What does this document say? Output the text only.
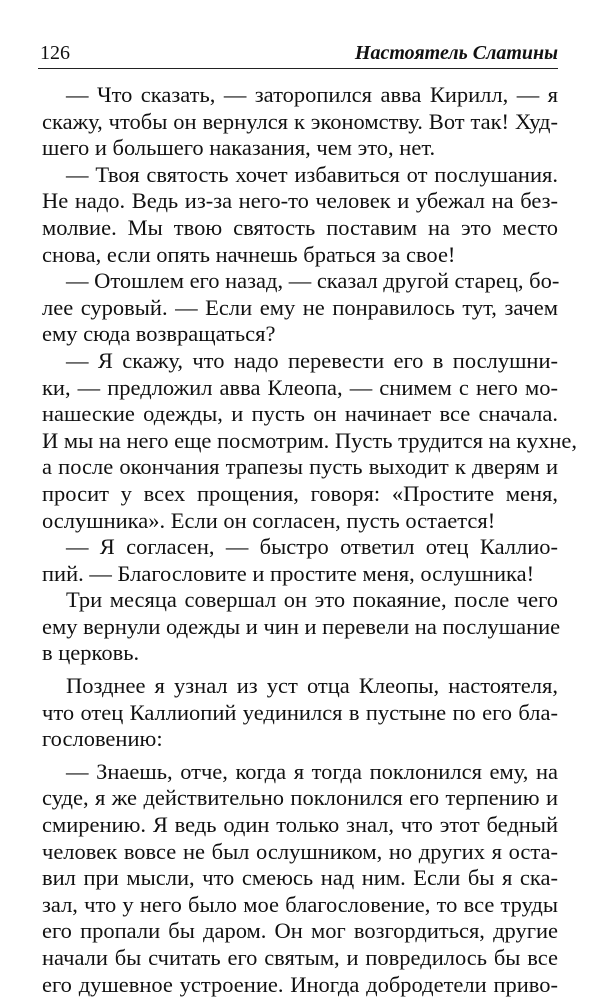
126	Настоятель Слатины
— Что сказать, — заторопился авва Кирилл, — я
скажу, чтобы он вернулся к экономству. Вот так! Худ-
шего и большего наказания, чем это, нет.
— Твоя святость хочет избавиться от послушания.
Не надо. Ведь из-за него-то человек и убежал на без-
молвие. Мы твою святость поставим на это место
снова, если опять начнешь браться за свое!
— Отошлем его назад, — сказал другой старец, бо-
лее суровый. — Если ему не понравилось тут, зачем
ему сюда возвращаться?
— Я скажу, что надо перевести его в послушни-
ки, — предложил авва Клеопа, — снимем с него мо-
нашеские одежды, и пусть он начинает все сначала.
И мы на него еще посмотрим. Пусть трудится на кухне,
а после окончания трапезы пусть выходит к дверям и
просит у всех прощения, говоря: «Простите меня,
ослушника». Если он согласен, пусть остается!
— Я согласен, — быстро ответил отец Каллио-
пий. — Благословите и простите меня, ослушника!
Три месяца совершал он это покаяние, после чего
ему вернули одежды и чин и перевели на послушание
в церковь.
Позднее я узнал из уст отца Клеопы, настоятеля,
что отец Каллиопий уединился в пустыне по его бла-
гословению:
— Знаешь, отче, когда я тогда поклонился ему, на
суде, я же действительно поклонился его терпению и
смирению. Я ведь один только знал, что этот бедный
человек вовсе не был ослушником, но других я оста-
вил при мысли, что смеюсь над ним. Если бы я ска-
зал, что у него было мое благословение, то все труды
его пропали бы даром. Он мог возгордиться, другие
начали бы считать его святым, и повредилось бы все
его душевное устроение. Иногда добродетели приво-
